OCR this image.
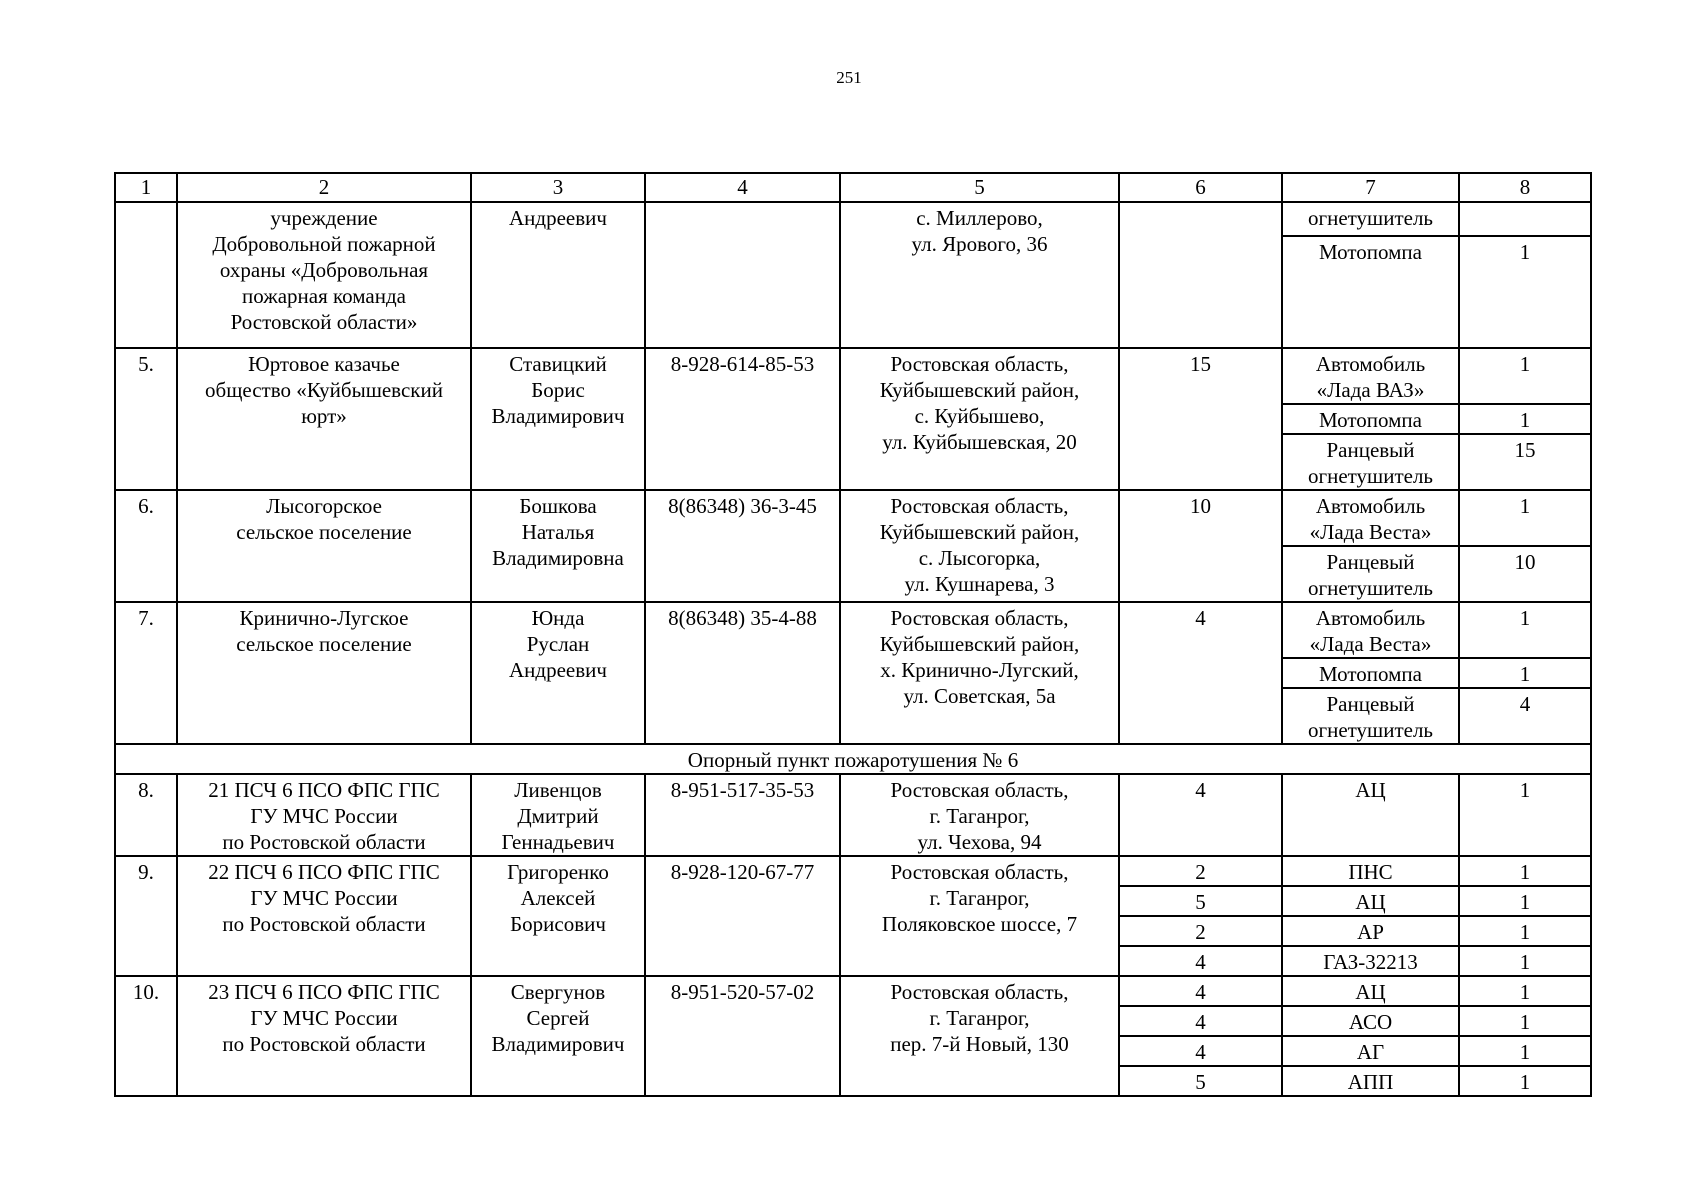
251
1	2	3	4	5	6	7	8

	учреждение
Добровольной пожарной
охраны «Добровольная
пожарная команда
Ростовской области»	Андреевич		с. Миллерово,
ул. Ярового, 36		огнетушитель	

						Мотопомпа	1
5.	Юртовое казачье
общество «Куйбышевский
юрт»	Ставицкий
Борис
Владимирович	8-928-614-85-53	Ростовская область,
Куйбышевский район,
с. Куйбышево,
ул. Куйбышевская, 20	15	Автомобиль
«Лада ВАЗ»	1

						Мотопомпа	1

						Ранцевый
огнетушитель	15
6.	Лысогорское
сельское поселение	Бошкова
Наталья
Владимировна	8(86348) 36-3-45	Ростовская область,
Куйбышевский район,
с. Лысогорка,
ул. Кушнарева, 3	10	Автомобиль
«Лада Веста»	1

						Ранцевый
огнетушитель	10
7.	Кринично-Лугское
сельское поселение	Юнда
Руслан
Андреевич	8(86348) 35-4-88	Ростовская область,
Куйбышевский район,
х. Кринично-Лугский,
ул. Советская, 5а	4	Автомобиль
«Лада Веста»	1

						Мотопомпа	1

						Ранцевый
огнетушитель	4
Опорный пункт пожаротушения № 6							
8.	21 ПСЧ 6 ПСО ФПС ГПС
ГУ МЧС России
по Ростовской области	Ливенцов
Дмитрий
Геннадьевич	8-951-517-35-53	Ростовская область,
г. Таганрог,
ул. Чехова, 94	4	АЦ	1
9.	22 ПСЧ 6 ПСО ФПС ГПС
ГУ МЧС России
по Ростовской области	Григоренко
Алексей
Борисович	8-928-120-67-77	Ростовская область,
г. Таганрог,
Поляковское шоссе, 7	2	ПНС	1
					5	АЦ	1
					2	АР	1
					4	ГАЗ-32213	1
10.	23 ПСЧ 6 ПСО ФПС ГПС
ГУ МЧС России
по Ростовской области	Свергунов
Сергей
Владимирович	8-951-520-57-02	Ростовская область,
г. Таганрог,
пер. 7-й Новый, 130	4	АЦ	1
					4	АСО	1
					4	АГ	1
					5	АПП	1
